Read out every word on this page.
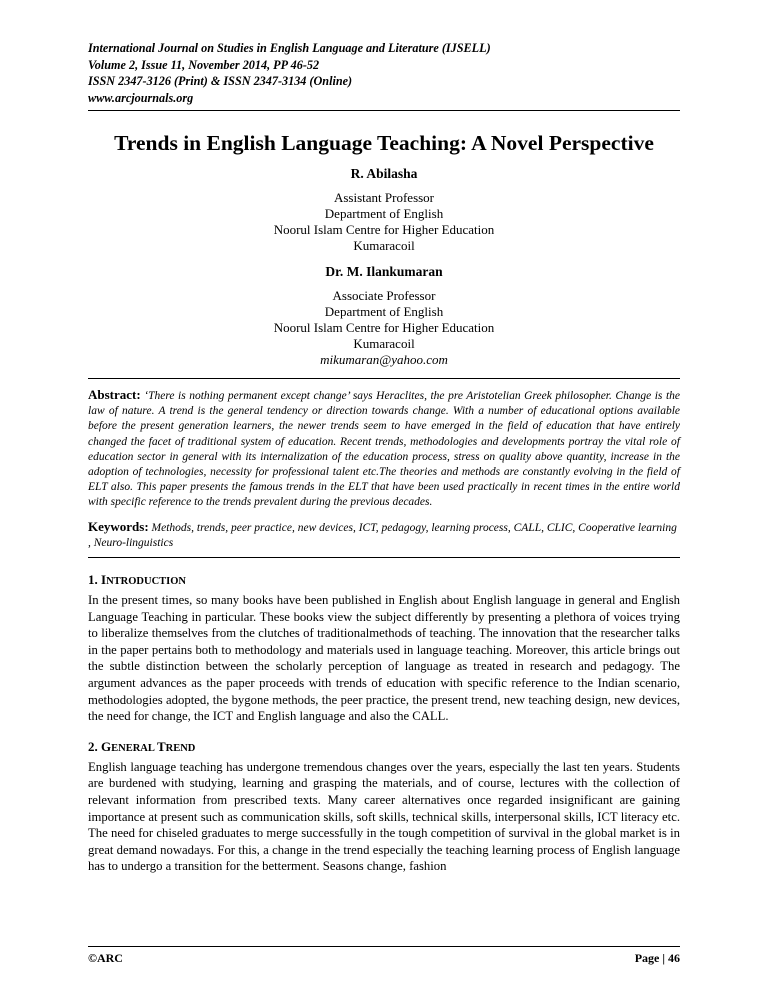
International Journal on Studies in English Language and Literature (IJSELL)
Volume 2, Issue 11, November 2014, PP 46-52
ISSN 2347-3126 (Print) & ISSN 2347-3134 (Online)
www.arcjournals.org
Trends in English Language Teaching: A Novel Perspective
R. Abilasha
Assistant Professor
Department of English
Noorul Islam Centre for Higher Education
Kumaracoil
Dr. M. Ilankumaran
Associate Professor
Department of English
Noorul Islam Centre for Higher Education
Kumaracoil
mikumaran@yahoo.com

Abstract: ‘There is nothing permanent except change’ says Heraclites, the pre Aristotelian Greek philosopher. Change is the law of nature. A trend is the general tendency or direction towards change. With a number of educational options available before the present generation learners, the newer trends seem to have emerged in the field of education that have entirely changed the facet of traditional system of education. Recent trends, methodologies and developments portray the vital role of education sector in general with its internalization of the education process, stress on quality above quantity, increase in the adoption of technologies, necessity for professional talent etc.The theories and methods are constantly evolving in the field of ELT also. This paper presents the famous trends in the ELT that have been used practically in recent times in the entire world with specific reference to the trends prevalent during the previous decades.

Keywords: Methods, trends, peer practice, new devices, ICT, pedagogy, learning process, CALL, CLIC, Cooperative learning , Neuro-linguistics

1. INTRODUCTION

In the present times, so many books have been published in English about English language in general and English Language Teaching in particular. These books view the subject differently by presenting a plethora of voices trying to liberalize themselves from the clutches of traditionalmethods of teaching. The innovation that the researcher talks in the paper pertains both to methodology and materials used in language teaching. Moreover, this article brings out the subtle distinction between the scholarly perception of language as treated in research and pedagogy. The argument advances as the paper proceeds with trends of education with specific reference to the Indian scenario, methodologies adopted, the bygone methods, the peer practice, the present trend, new teaching design, new devices, the need for change, the ICT and English language and also the CALL.

2. GENERAL TREND

English language teaching has undergone tremendous changes over the years, especially the last ten years. Students are burdened with studying, learning and grasping the materials, and of course, lectures with the collection of relevant information from prescribed texts. Many career alternatives once regarded insignificant are gaining importance at present such as communication skills, soft skills, technical skills, interpersonal skills, ICT literacy etc. The need for chiseled graduates to merge successfully in the tough competition of survival in the global market is in great demand nowadays. For this, a change in the trend especially the teaching learning process of English language has to undergo a transition for the betterment. Seasons change, fashion

©ARC	Page | 46
